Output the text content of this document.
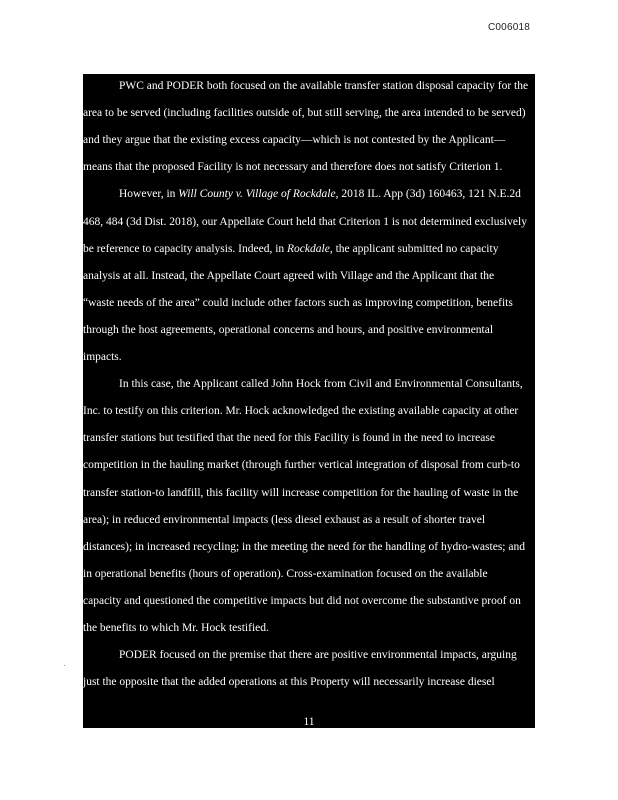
C006018
PWC and PODER both focused on the available transfer station disposal capacity for the
area to be served (including facilities outside of, but still serving, the area intended to be served)
and they argue that the existing excess capacity—which is not contested by the Applicant—
means that the proposed Facility is not necessary and therefore does not satisfy Criterion 1.
However, in Will County v. Village of Rockdale, 2018 IL. App (3d) 160463, 121 N.E.2d
468, 484 (3d Dist. 2018), our Appellate Court held that Criterion 1 is not determined exclusively
be reference to capacity analysis. Indeed, in Rockdale, the applicant submitted no capacity
analysis at all. Instead, the Appellate Court agreed with Village and the Applicant that the
“waste needs of the area” could include other factors such as improving competition, benefits
through the host agreements, operational concerns and hours, and positive environmental
impacts.
In this case, the Applicant called John Hock from Civil and Environmental Consultants,
Inc. to testify on this criterion. Mr. Hock acknowledged the existing available capacity at other
transfer stations but testified that the need for this Facility is found in the need to increase
competition in the hauling market (through further vertical integration of disposal from curb-to
transfer station-to landfill, this facility will increase competition for the hauling of waste in the
area); in reduced environmental impacts (less diesel exhaust as a result of shorter travel
distances); in increased recycling; in the meeting the need for the handling of hydro-wastes; and
in operational benefits (hours of operation). Cross-examination focused on the available
capacity and questioned the competitive impacts but did not overcome the substantive proof on
the benefits to which Mr. Hock testified.
PODER focused on the premise that there are positive environmental impacts, arguing
just the opposite that the added operations at this Property will necessarily increase diesel
11
